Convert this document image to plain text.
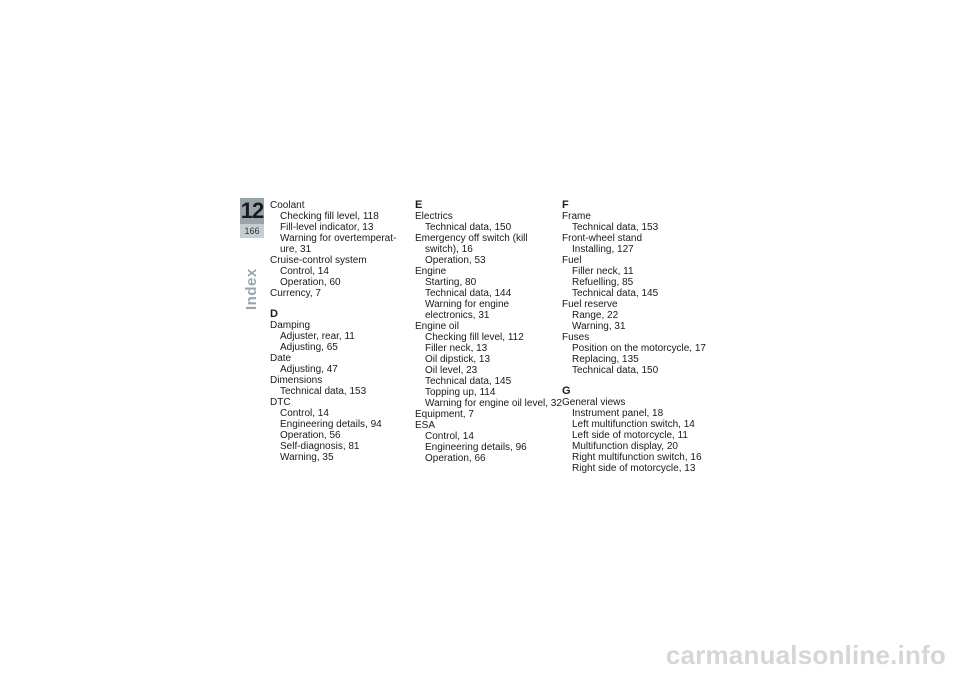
12
166
Index
Coolant
Checking fill level, 118
Fill-level indicator, 13
Warning for overtemperat-
ure, 31
Cruise-control system
Control, 14
Operation, 60
Currency, 7
D
Damping
Adjuster, rear, 11
Adjusting, 65
Date
Adjusting, 47
Dimensions
Technical data, 153
DTC
Control, 14
Engineering details, 94
Operation, 56
Self-diagnosis, 81
Warning, 35
E
Electrics
Technical data, 150
Emergency off switch (kill
switch), 16
Operation, 53
Engine
Starting, 80
Technical data, 144
Warning for engine
electronics, 31
Engine oil
Checking fill level, 112
Filler neck, 13
Oil dipstick, 13
Oil level, 23
Technical data, 145
Topping up, 114
Warning for engine oil level, 32
Equipment, 7
ESA
Control, 14
Engineering details, 96
Operation, 66
F
Frame
Technical data, 153
Front-wheel stand
Installing, 127
Fuel
Filler neck, 11
Refuelling, 85
Technical data, 145
Fuel reserve
Range, 22
Warning, 31
Fuses
Position on the motorcycle, 17
Replacing, 135
Technical data, 150
G
General views
Instrument panel, 18
Left multifunction switch, 14
Left side of motorcycle, 11
Multifunction display, 20
Right multifunction switch, 16
Right side of motorcycle, 13
carmanualsonline.info
